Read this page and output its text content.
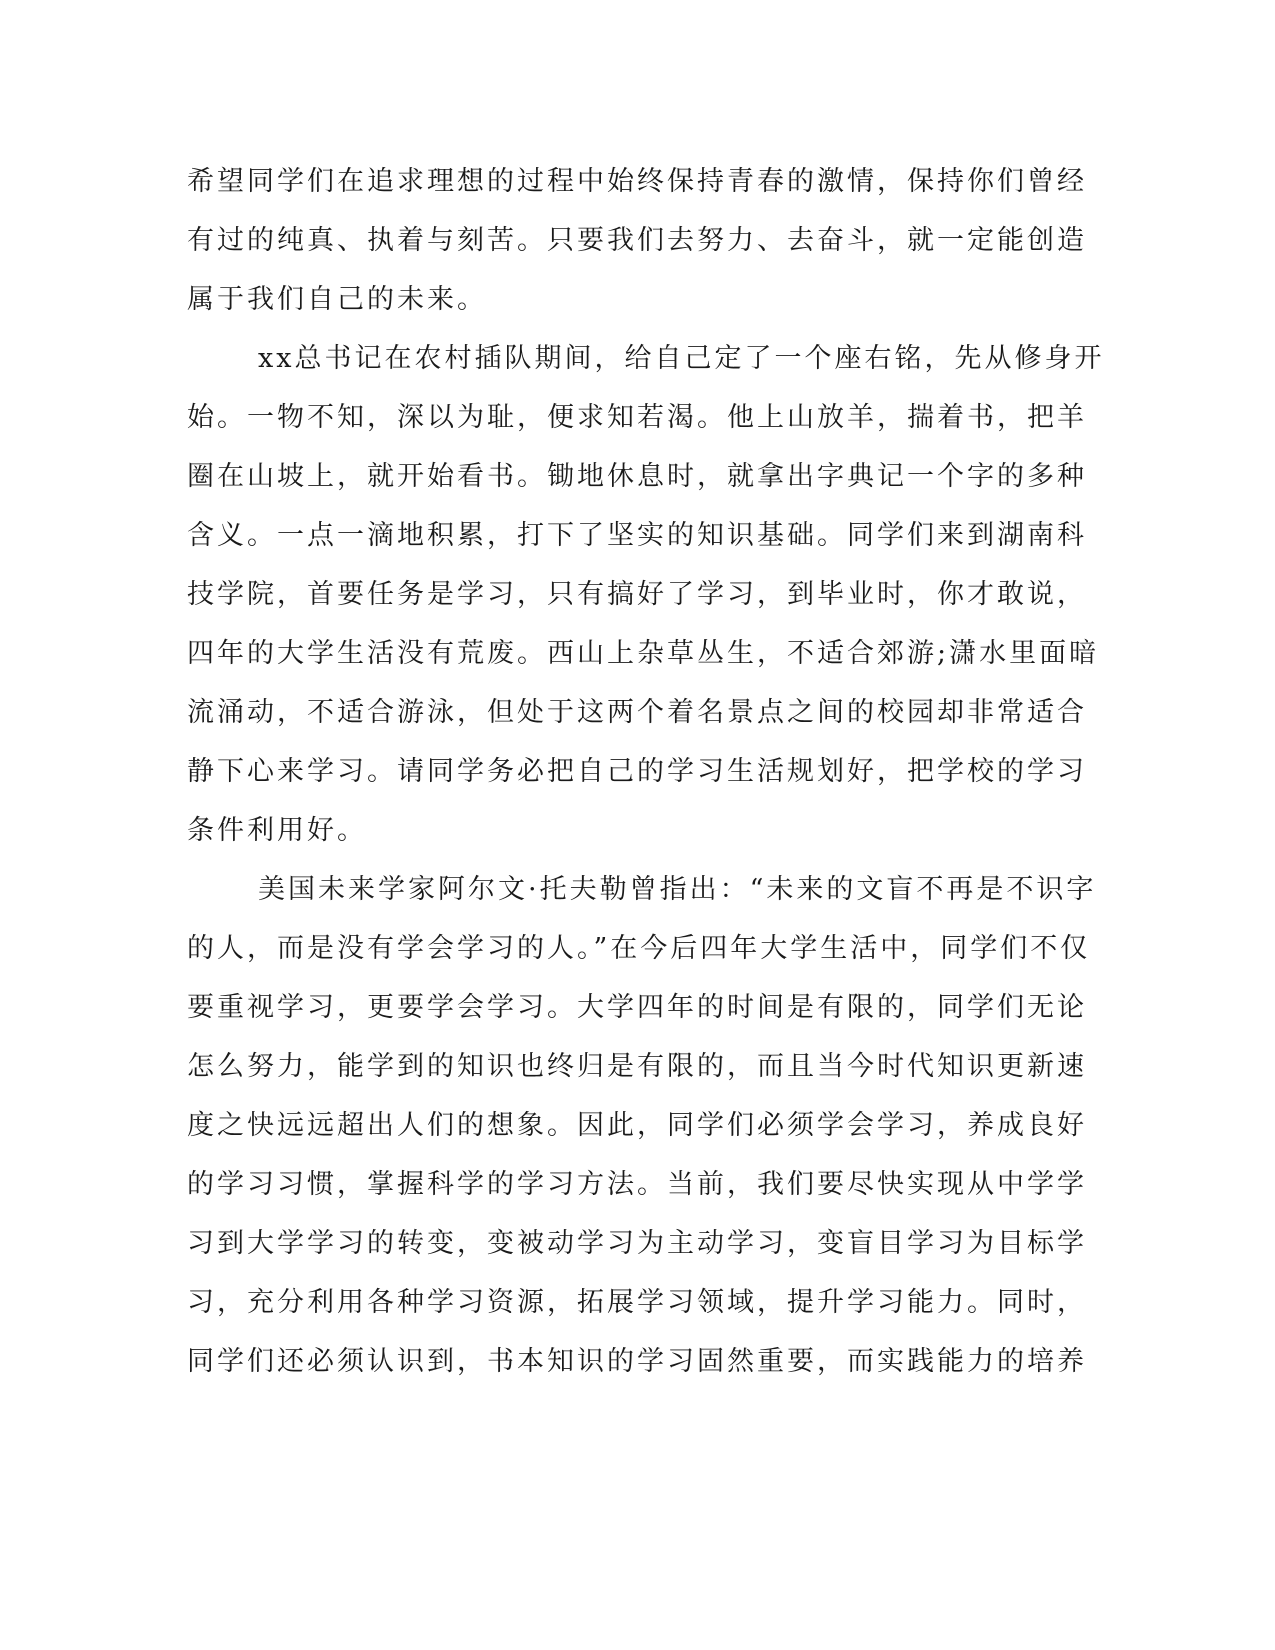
希望同学们在追求理想的过程中始终保持青春的激情，保持你们曾经
有过的纯真、执着与刻苦。只要我们去努力、去奋斗，就一定能创造
属于我们自己的未来。
xx总书记在农村插队期间，给自己定了一个座右铭，先从修身开
始。一物不知，深以为耻，便求知若渴。他上山放羊，揣着书，把羊
圈在山坡上，就开始看书。锄地休息时，就拿出字典记一个字的多种
含义。一点一滴地积累，打下了坚实的知识基础。同学们来到湖南科
技学院，首要任务是学习，只有搞好了学习，到毕业时，你才敢说，
四年的大学生活没有荒废。西山上杂草丛生，不适合郊游;潇水里面暗
流涌动，不适合游泳，但处于这两个着名景点之间的校园却非常适合
静下心来学习。请同学务必把自己的学习生活规划好，把学校的学习
条件利用好。
美国未来学家阿尔文·托夫勒曾指出：“未来的文盲不再是不识字
的人，而是没有学会学习的人。”在今后四年大学生活中，同学们不仅
要重视学习，更要学会学习。大学四年的时间是有限的，同学们无论
怎么努力，能学到的知识也终归是有限的，而且当今时代知识更新速
度之快远远超出人们的想象。因此，同学们必须学会学习，养成良好
的学习习惯，掌握科学的学习方法。当前，我们要尽快实现从中学学
习到大学学习的转变，变被动学习为主动学习，变盲目学习为目标学
习，充分利用各种学习资源，拓展学习领域，提升学习能力。同时，
同学们还必须认识到，书本知识的学习固然重要，而实践能力的培养
